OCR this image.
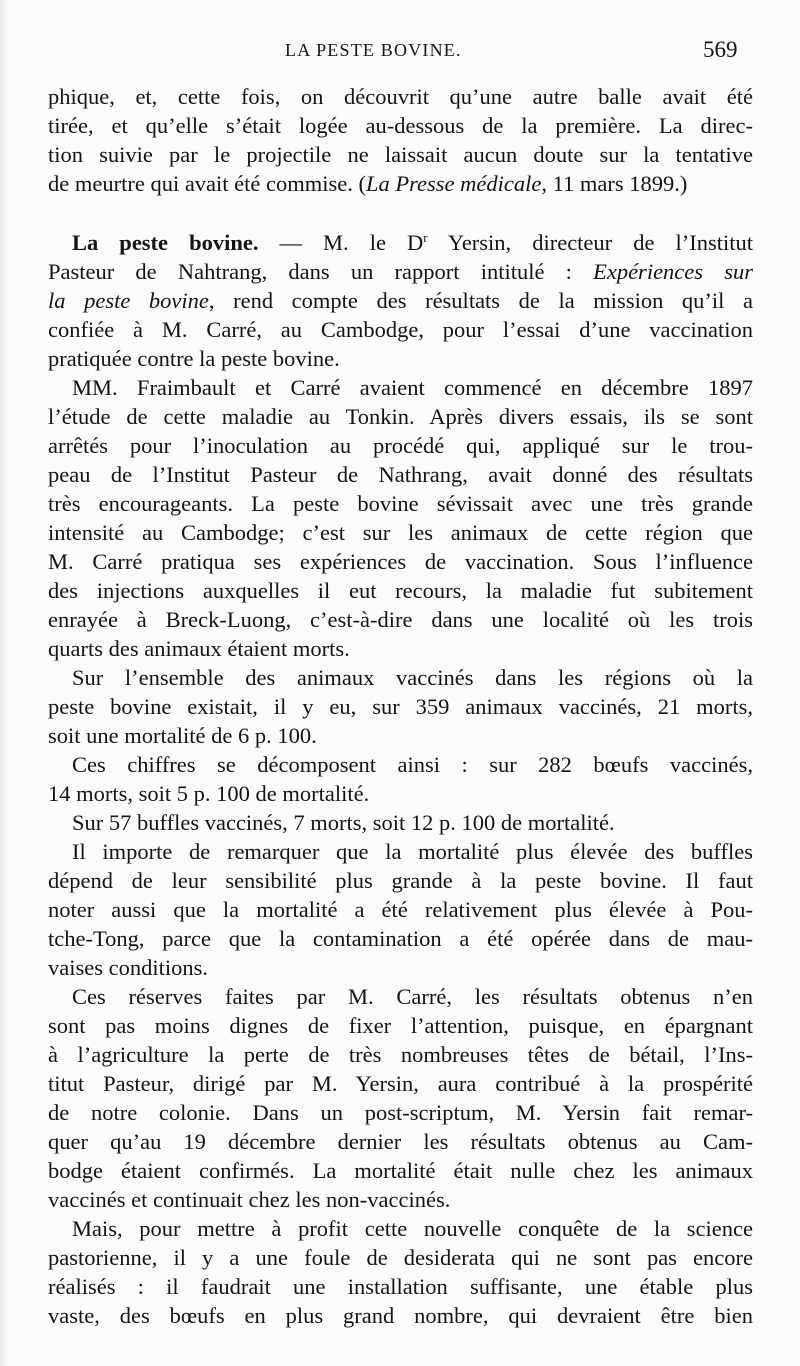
LA PESTE BOVINE.	569
phique, et, cette fois, on découvrit qu’une autre balle avait été
tirée, et qu’elle s’était logée au-dessous de la première. La direc-
tion suivie par le projectile ne laissait aucun doute sur la tentative
de meurtre qui avait été commise. (La Presse médicale, 11 mars 1899.)
La peste bovine. — M. le $D^r$ Yersin, directeur de l’Institut
Pasteur de Nahtrang, dans un rapport intitulé : Expériences sur
la peste bovine, rend compte des résultats de la mission qu’il a
confiée à M. Carré, au Cambodge, pour l’essai d’une vaccination
pratiquée contre la peste bovine.
MM. Fraimbault et Carré avaient commencé en décembre 1897
l’étude de cette maladie au Tonkin. Après divers essais, ils se sont
arrêtés pour l’inoculation au procédé qui, appliqué sur le trou-
peau de l’Institut Pasteur de Nathrang, avait donné des résultats
très encourageants. La peste bovine sévissait avec une très grande
intensité au Cambodge; c’est sur les animaux de cette région que
M. Carré pratiqua ses expériences de vaccination. Sous l’influence
des injections auxquelles il eut recours, la maladie fut subitement
enrayée à Breck-Luong, c’est-à-dire dans une localité où les trois
quarts des animaux étaient morts.
Sur l’ensemble des animaux vaccinés dans les régions où la
peste bovine existait, il y eu, sur 359 animaux vaccinés, 21 morts,
soit une mortalité de 6 p. 100.
Ces chiffres se décomposent ainsi : sur 282 bœufs vaccinés,
14 morts, soit 5 p. 100 de mortalité.
Sur 57 buffles vaccinés, 7 morts, soit 12 p. 100 de mortalité.
Il importe de remarquer que la mortalité plus élevée des buffles
dépend de leur sensibilité plus grande à la peste bovine. Il faut
noter aussi que la mortalité a été relativement plus élevée à Pou-
tche-Tong, parce que la contamination a été opérée dans de mau-
vaises conditions.
Ces réserves faites par M. Carré, les résultats obtenus n’en
sont pas moins dignes de fixer l’attention, puisque, en épargnant
à l’agriculture la perte de très nombreuses têtes de bétail, l’Ins-
titut Pasteur, dirigé par M. Yersin, aura contribué à la prospérité
de notre colonie. Dans un post-scriptum, M. Yersin fait remar-
quer qu’au 19 décembre dernier les résultats obtenus au Cam-
bodge étaient confirmés. La mortalité était nulle chez les animaux
vaccinés et continuait chez les non-vaccinés.
Mais, pour mettre à profit cette nouvelle conquête de la science
pastorienne, il y a une foule de desiderata qui ne sont pas encore
réalisés : il faudrait une installation suffisante, une étable plus
vaste, des bœufs en plus grand nombre, qui devraient être bien
